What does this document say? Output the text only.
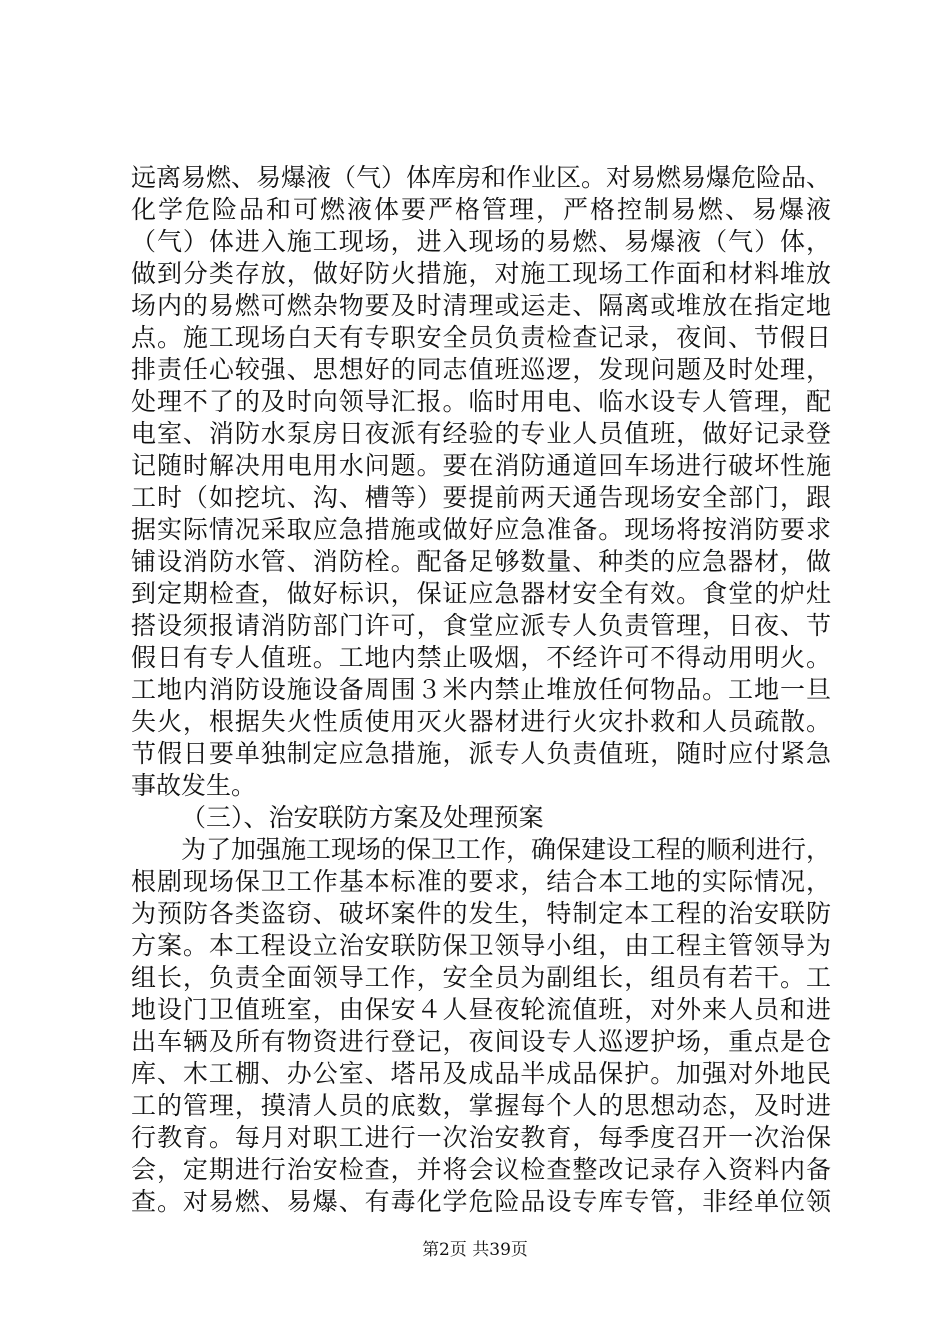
远离易燃、易爆液（气）体库房和作业区。对易燃易爆危险品、
化学危险品和可燃液体要严格管理，严格控制易燃、易爆液
（气）体进入施工现场，进入现场的易燃、易爆液（气）体，
做到分类存放，做好防火措施，对施工现场工作面和材料堆放
场内的易燃可燃杂物要及时清理或运走、隔离或堆放在指定地
点。施工现场白天有专职安全员负责检查记录，夜间、节假日
排责任心较强、思想好的同志值班巡逻，发现问题及时处理，
处理不了的及时向领导汇报。临时用电、临水设专人管理，配
电室、消防水泵房日夜派有经验的专业人员值班，做好记录登
记随时解决用电用水问题。要在消防通道回车场进行破坏性施
工时（如挖坑、沟、槽等）要提前两天通告现场安全部门，跟
据实际情况采取应急措施或做好应急准备。现场将按消防要求
铺设消防水管、消防栓。配备足够数量、种类的应急器材，做
到定期检查，做好标识，保证应急器材安全有效。食堂的炉灶
搭设须报请消防部门许可，食堂应派专人负责管理，日夜、节
假日有专人值班。工地内禁止吸烟，不经许可不得动用明火。
工地内消防设施设备周围３米内禁止堆放任何物品。工地一旦
失火，根据失火性质使用灭火器材进行火灾扑救和人员疏散。
节假日要单独制定应急措施，派专人负责值班，随时应付紧急
事故发生。
（三）、治安联防方案及处理预案
为了加强施工现场的保卫工作，确保建设工程的顺利进行，
根剧现场保卫工作基本标准的要求，结合本工地的实际情况，
为预防各类盗窃、破坏案件的发生，特制定本工程的治安联防
方案。本工程设立治安联防保卫领导小组，由工程主管领导为
组长，负责全面领导工作，安全员为副组长，组员有若干。工
地设门卫值班室，由保安４人昼夜轮流值班，对外来人员和进
出车辆及所有物资进行登记，夜间设专人巡逻护场，重点是仓
库、木工棚、办公室、塔吊及成品半成品保护。加强对外地民
工的管理，摸清人员的底数，掌握每个人的思想动态，及时进
行教育。每月对职工进行一次治安教育，每季度召开一次治保
会，定期进行治安检查，并将会议检查整改记录存入资料内备
查。对易燃、易爆、有毒化学危险品设专库专管，非经单位领
第2页 共39页
